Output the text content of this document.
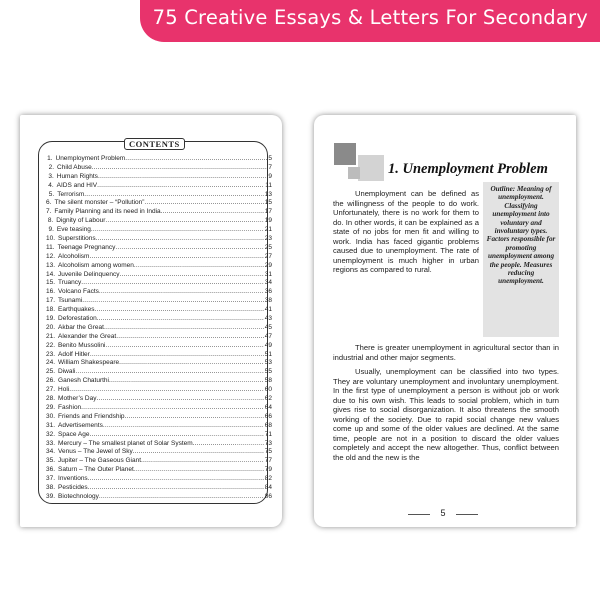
75 Creative Essays & Letters For Secondary
CONTENTS
1. Unemployment Problem .....	5
2. Child Abuse .....	7
3. Human Rights .....	9
4. AIDS and HIV .....	11
5. Terrorism .....	13
6. The silent monster – “Pollution” .....	15
7. Family Planning and its need in India .....	17
8. Dignity of Labour .....	19
9. Eve teasing .....	21
10. Superstitions .....	23
11. Teenage Pregnancy .....	25
12. Alcoholism .....	27
13. Alcoholism among women .....	29
14. Juvenile Delinquency .....	31
15. Truancy .....	34
16. Volcano Facts .....	36
17. Tsunami .....	38
18. Earthquakes .....	41
19. Deforestation .....	43
20. Akbar the Great .....	45
21. Alexander the Great .....	47
22. Benito Mussolini .....	49
23. Adolf Hitler .....	51
24. William Shakespeare .....	53
25. Diwali .....	55
26. Ganesh Chaturthi .....	58
27. Holi .....	60
28. Mother’s Day .....	62
29. Fashion .....	64
30. Friends and Friendship .....	66
31. Advertisements .....	68
32. Space Age .....	71
33. Mercury – The smallest planet of Solar System .....	73
34. Venus – The Jewel of Sky .....	75
35. Jupiter – The Gaseous Giant .....	77
36. Saturn – The Outer Planet .....	79
37. Inventions .....	82
38. Pesticides .....	84
39. Biotechnology .....	86
1. Unemployment Problem
Outline: Meaning of unemployment. Classifying unemployment into voluntary and involuntary types. Factors responsible for promoting unemployment among the people. Measures reducing unemployment.

Unemployment can be defined as the willingness of the people to do work. Unfortunately, there is no work for them to do. In other words, it can be explained as a state of no jobs for men fit and willing to work. India has faced gigantic problems caused due to unemployment. The rate of unemployment is much higher in urban regions as compared to rural.

There is greater unemployment in agricultural sector than in industrial and other major segments.

Usually, unemployment can be classified into two types. They are voluntary unemployment and involuntary unemployment. In the first type of unemployment a person is without job or work due to his own wish. This leads to social problem, which in turn gives rise to social disorganization. It also threatens the smooth working of the society. Due to rapid social change new values come up and some of the older values are declined. At the same time, people are not in a position to discard the older values completely and accept the new altogether. Thus, conflict between the old and the new is the

5
